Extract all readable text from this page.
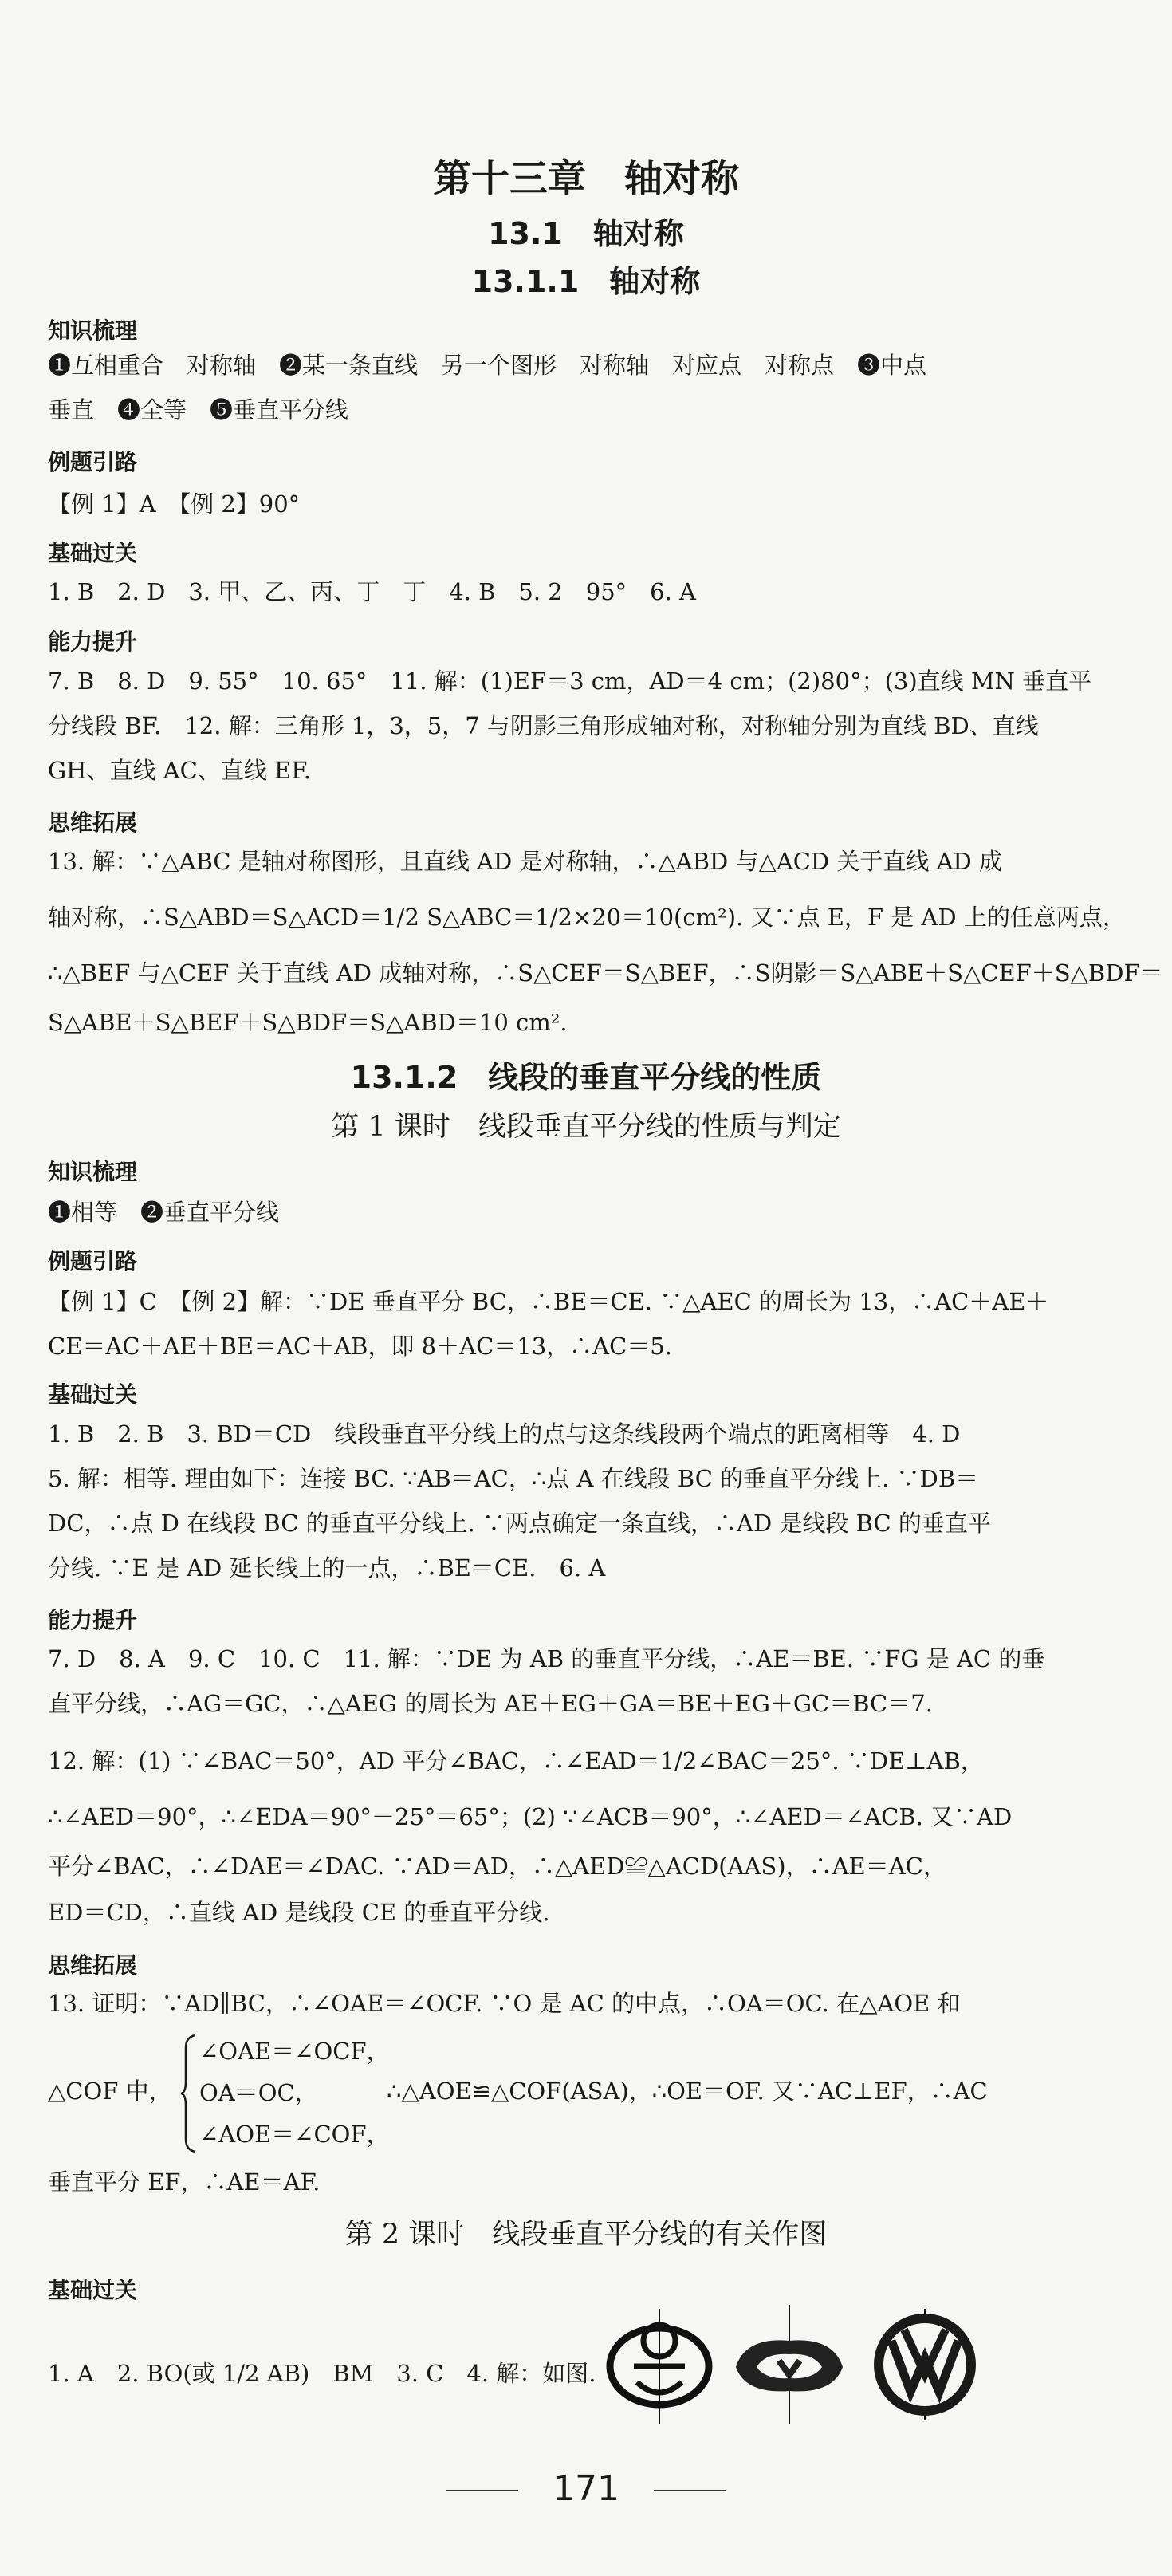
第十三章　轴对称
13.1　轴对称
13.1.1　轴对称
知识梳理
❶互相重合　对称轴　❷某一条直线　另一个图形　对称轴　对应点　对称点　❸中点
垂直　❹全等　❺垂直平分线
例题引路
【例 1】A　【例 2】90°
基础过关
1. B　2. D　3. 甲、乙、丙、丁　丁　4. B　5. 2　95°　6. A
能力提升
7. B　8. D　9. 55°　10. 65°　11. 解：(1)EF＝3 cm，AD＝4 cm；(2)80°；(3)直线 MN 垂直平
分线段 BF.　12. 解：三角形 1，3，5，7 与阴影三角形成轴对称，对称轴分别为直线 BD、直线
GH、直线 AC、直线 EF.
思维拓展
13. 解：∵△ABC 是轴对称图形，且直线 AD 是对称轴，∴△ABD 与△ACD 关于直线 AD 成
轴对称，∴S△ABD＝S△ACD＝1/2 S△ABC＝1/2×20＝10(cm²). 又∵点 E，F 是 AD 上的任意两点，
∴△BEF 与△CEF 关于直线 AD 成轴对称，∴S△CEF＝S△BEF，∴S阴影＝S△ABE＋S△CEF＋S△BDF＝
S△ABE＋S△BEF＋S△BDF＝S△ABD＝10 cm².
13.1.2　线段的垂直平分线的性质
第 1 课时　线段垂直平分线的性质与判定
知识梳理
❶相等　❷垂直平分线
例题引路
【例 1】C　【例 2】解：∵DE 垂直平分 BC，∴BE＝CE. ∵△AEC 的周长为 13，∴AC＋AE＋
CE＝AC＋AE＋BE＝AC＋AB，即 8＋AC＝13，∴AC＝5.
基础过关
1. B　2. B　3. BD＝CD　线段垂直平分线上的点与这条线段两个端点的距离相等　4. D
5. 解：相等. 理由如下：连接 BC. ∵AB＝AC，∴点 A 在线段 BC 的垂直平分线上. ∵DB＝
DC，∴点 D 在线段 BC 的垂直平分线上. ∵两点确定一条直线，∴AD 是线段 BC 的垂直平
分线. ∵E 是 AD 延长线上的一点，∴BE＝CE.　6. A
能力提升
7. D　8. A　9. C　10. C　11. 解：∵DE 为 AB 的垂直平分线，∴AE＝BE. ∵FG 是 AC 的垂
直平分线，∴AG＝GC，∴△AEG 的周长为 AE＋EG＋GA＝BE＋EG＋GC＝BC＝7.
12. 解：(1) ∵∠BAC＝50°，AD 平分∠BAC，∴∠EAD＝1/2∠BAC＝25°. ∵DE⊥AB，
∴∠AED＝90°，∴∠EDA＝90°－25°＝65°；(2) ∵∠ACB＝90°，∴∠AED＝∠ACB. 又∵AD
平分∠BAC，∴∠DAE＝∠DAC. ∵AD＝AD，∴△AED≌△ACD(AAS)，∴AE＝AC，
ED＝CD，∴直线 AD 是线段 CE 的垂直平分线.
思维拓展
13. 证明：∵AD∥BC，∴∠OAE＝∠OCF. ∵O 是 AC 的中点，∴OA＝OC. 在△AOE 和
△COF 中，
∠OAE＝∠OCF，
OA＝OC，
∠AOE＝∠COF，
∴△AOE≌△COF(ASA)，∴OE＝OF. 又∵AC⊥EF，∴AC
垂直平分 EF，∴AE＝AF.
第 2 课时　线段垂直平分线的有关作图
基础过关
1. A　2. BO(或 1/2 AB)　BM　3. C　4. 解：如图.
171
